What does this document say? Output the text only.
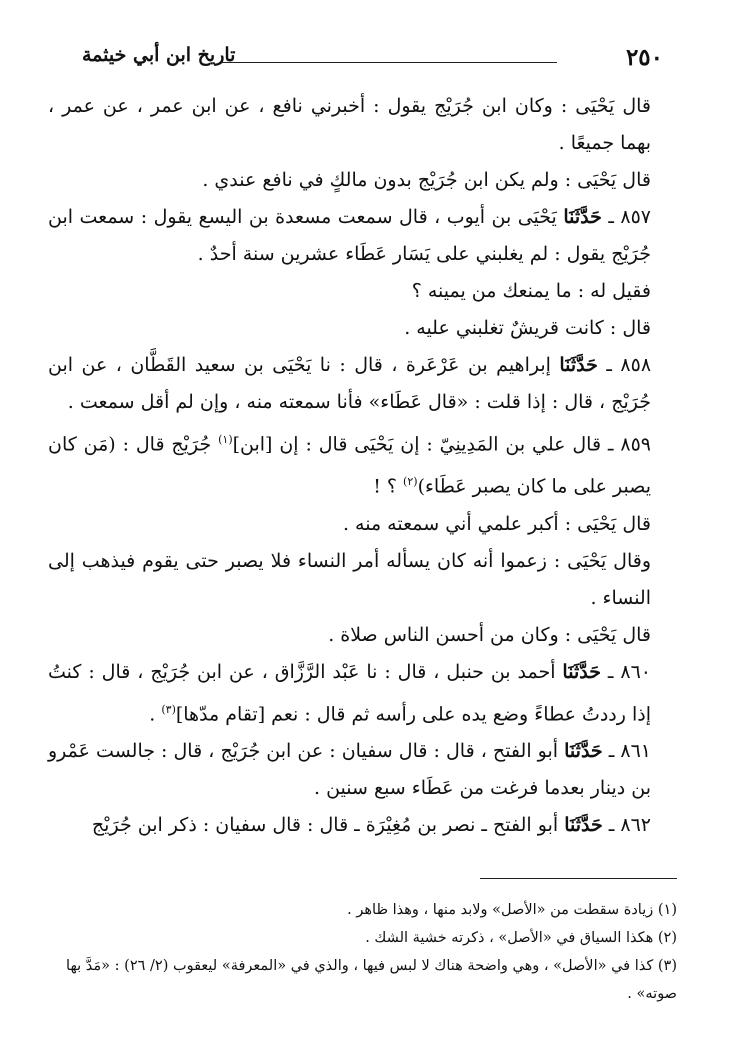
٢٥٠
تاريخ ابن أبي خيثمة

قال يَحْيَى : وكان ابن جُرَيْج يقول : أخبرني نافع ، عن ابن عمر ، عن عمر ، بهما جميعًا .

قال يَحْيَى : ولم يكن ابن جُرَيْج بدون مالكٍ في نافع عندي .

٨٥٧ ـ حَدَّثَنَا يَحْيَى بن أيوب ، قال سمعت مسعدة بن اليسع يقول : سمعت ابن جُرَيْج يقول : لم يغلبني على يَسَار عَطَاء عشرين سنة أحدٌ .

فقيل له : ما يمنعك من يمينه ؟

قال : كانت قريشٌ تغلبني عليه .

٨٥٨ ـ حَدَّثَنَا إبراهيم بن عَرْعَرة ، قال : نا يَحْيَى بن سعيد القَطَّان ، عن ابن جُرَيْج ، قال : إذا قلت : «قال عَطَاء» فأنا سمعته منه ، وإن لم أقل سمعت .

٨٥٩ ـ قال علي بن المَدِينِيّ : إن يَحْيَى قال : إن [ابن]$^{(١)}$ جُرَيْج قال : (مَن كان يصبر على ما كان يصبر عَطَاء)$^{(٢)}$ ؟ !

قال يَحْيَى : أكبر علمي أني سمعته منه .

وقال يَحْيَى : زعموا أنه كان يسأله أمر النساء فلا يصبر حتى يقوم فيذهب إلى النساء .

قال يَحْيَى : وكان من أحسن الناس صلاة .

٨٦٠ ـ حَدَّثَنَا أحمد بن حنبل ، قال : نا عَبْد الرَّزَّاق ، عن ابن جُرَيْج ، قال : كنتُ إذا رددتُ عطاءً وضع يده على رأسه ثم قال : نعم [تقام مدّها]$^{(٣)}$ .

٨٦١ ـ حَدَّثَنَا أبو الفتح ، قال : قال سفيان : عن ابن جُرَيْج ، قال : جالست عَمْرو بن دينار بعدما فرغت من عَطَاء سبع سنين .

٨٦٢ ـ حَدَّثَنَا أبو الفتح ـ نصر بن مُغِيْرَة ـ قال : قال سفيان : ذكر ابن جُرَيْج

(١) زيادة سقطت من «الأصل» ولابد منها ، وهذا ظاهر .

(٢) هكذا السياق في «الأصل» ، ذكرته خشية الشك .

(٣) كذا في «الأصل» ، وهي واضحة هناك لا لبس فيها ، والذي في «المعرفة» ليعقوب (٢/ ٢٦) : «مَدَّ بها صوته» .
